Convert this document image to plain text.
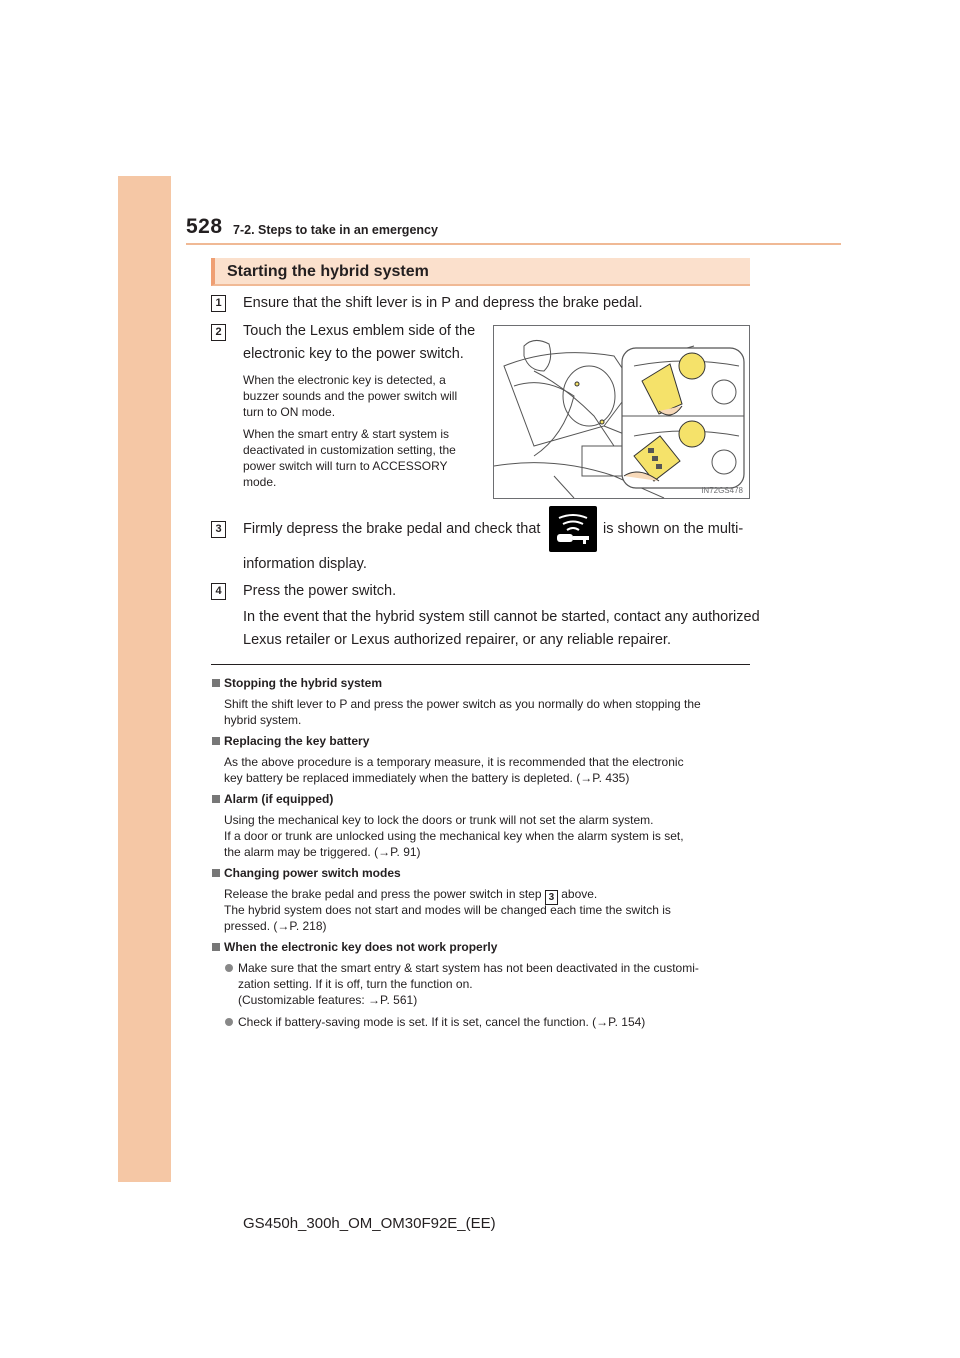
528 7-2. Steps to take in an emergency
Starting the hybrid system
1	Ensure that the shift lever is in P and depress the brake pedal.
2	Touch the Lexus emblem side of the
electronic key to the power switch.
When the electronic key is detected, a
buzzer sounds and the power switch will
turn to ON mode.
When the smart entry & start system is
deactivated in customization setting, the
power switch will turn to ACCESSORY
mode.
IN72GS478
3	Firmly depress the brake pedal and check that	is shown on the multi-
information display.
4	Press the power switch.
In the event that the hybrid system still cannot be started, contact any authorized
Lexus retailer or Lexus authorized repairer, or any reliable repairer.
Stopping the hybrid system
Shift the shift lever to P and press the power switch as you normally do when stopping the
hybrid system.
Replacing the key battery
As the above procedure is a temporary measure, it is recommended that the electronic
key battery be replaced immediately when the battery is depleted. (→P. 435)
Alarm (if equipped)
Using the mechanical key to lock the doors or trunk will not set the alarm system.
If a door or trunk are unlocked using the mechanical key when the alarm system is set,
the alarm may be triggered. (→P. 91)
Changing power switch modes
Release the brake pedal and press the power switch in step 3 above.
The hybrid system does not start and modes will be changed each time the switch is
pressed. (→P. 218)
When the electronic key does not work properly
Make sure that the smart entry & start system has not been deactivated in the customi-
zation setting. If it is off, turn the function on.
(Customizable features: →P. 561)
Check if battery-saving mode is set. If it is set, cancel the function. (→P. 154)
GS450h_300h_OM_OM30F92E_(EE)
